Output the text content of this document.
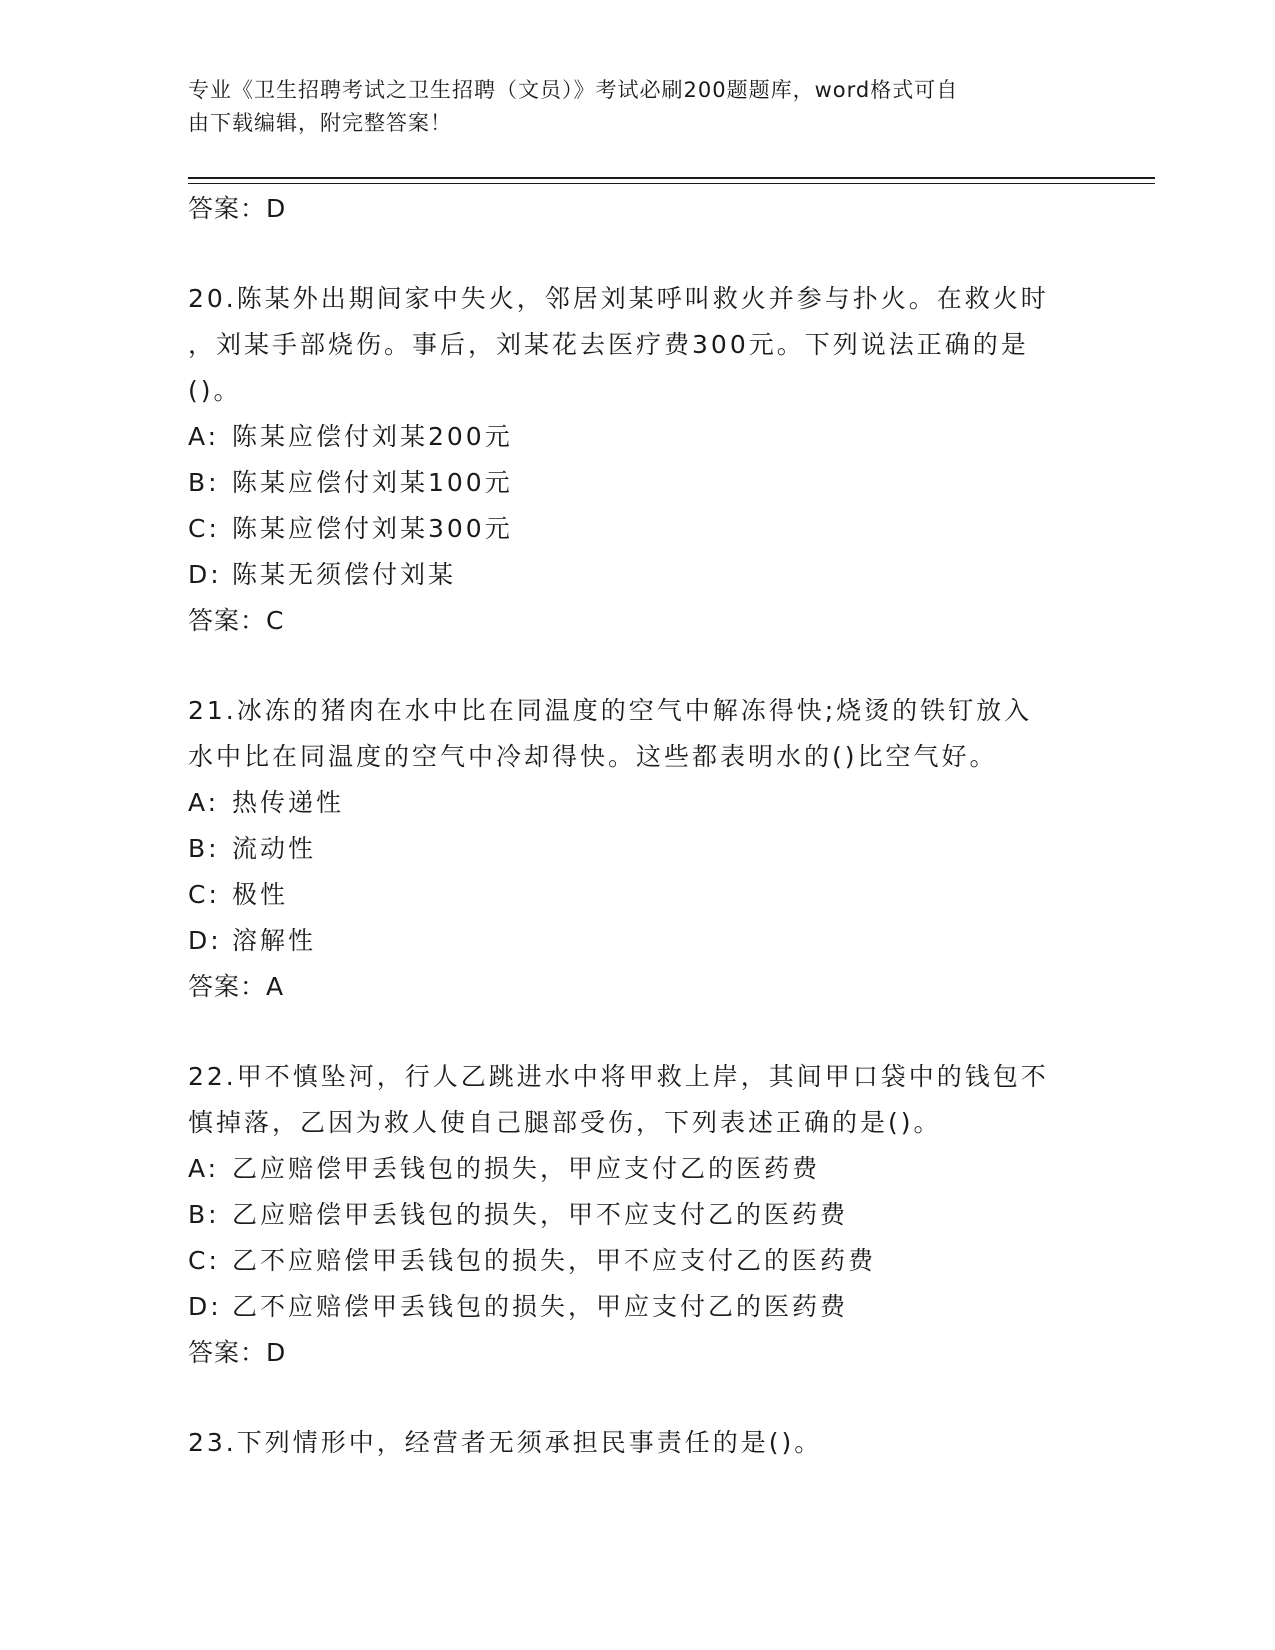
专业《卫生招聘考试之卫生招聘（文员）》考试必刷200题题库，word格式可自
由下载编辑，附完整答案！

答案：D

20.陈某外出期间家中失火，邻居刘某呼叫救火并参与扑火。在救火时

，刘某手部烧伤。事后，刘某花去医疗费300元。下列说法正确的是

()。

A: 陈某应偿付刘某200元

B: 陈某应偿付刘某100元

C: 陈某应偿付刘某300元

D: 陈某无须偿付刘某

答案：C

21.冰冻的猪肉在水中比在同温度的空气中解冻得快;烧烫的铁钉放入

水中比在同温度的空气中冷却得快。这些都表明水的()比空气好。

A: 热传递性

B: 流动性

C: 极性

D: 溶解性

答案：A

22.甲不慎坠河，行人乙跳进水中将甲救上岸，其间甲口袋中的钱包不

慎掉落，乙因为救人使自己腿部受伤，下列表述正确的是()。

A: 乙应赔偿甲丢钱包的损失，甲应支付乙的医药费

B: 乙应赔偿甲丢钱包的损失，甲不应支付乙的医药费

C: 乙不应赔偿甲丢钱包的损失，甲不应支付乙的医药费

D: 乙不应赔偿甲丢钱包的损失，甲应支付乙的医药费

答案：D

23.下列情形中，经营者无须承担民事责任的是()。
